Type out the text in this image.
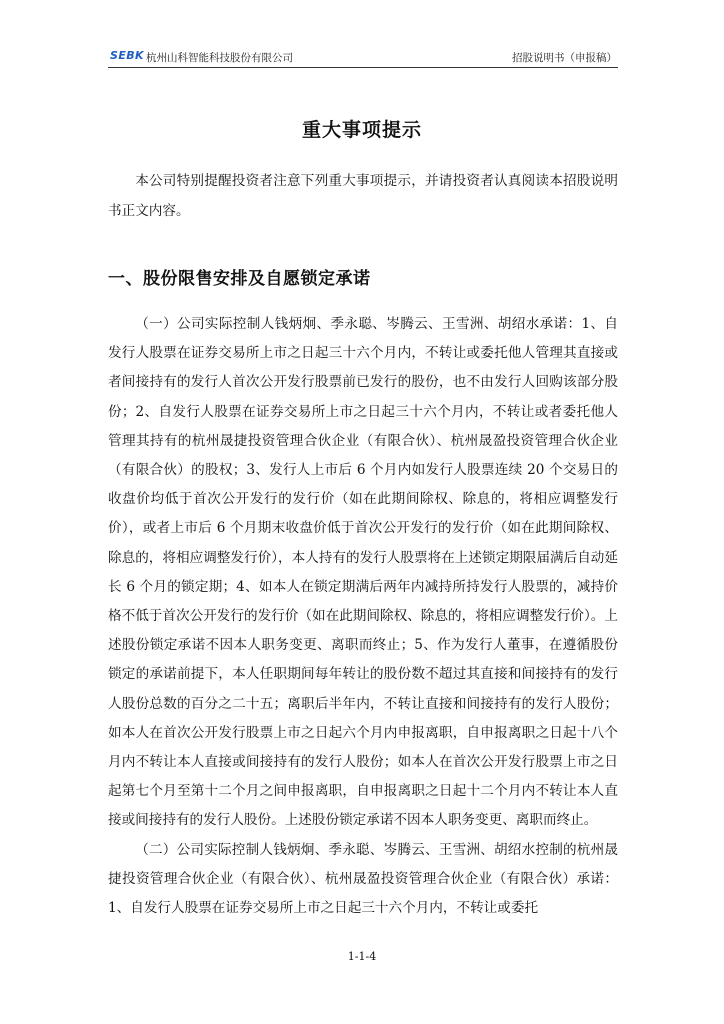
SEBK 杭州山科智能科技股份有限公司	招股说明书（申报稿）
重大事项提示

本公司特别提醒投资者注意下列重大事项提示，并请投资者认真阅读本招股说明书正文内容。

一、股份限售安排及自愿锁定承诺

（一）公司实际控制人钱炳炯、季永聪、岑腾云、王雪洲、胡绍水承诺：1、自发行人股票在证券交易所上市之日起三十六个月内，不转让或委托他人管理其直接或者间接持有的发行人首次公开发行股票前已发行的股份，也不由发行人回购该部分股份；2、自发行人股票在证券交易所上市之日起三十六个月内，不转让或者委托他人管理其持有的杭州晟捷投资管理合伙企业（有限合伙）、杭州晟盈投资管理合伙企业（有限合伙）的股权；3、发行人上市后 6 个月内如发行人股票连续 20 个交易日的收盘价均低于首次公开发行的发行价（如在此期间除权、除息的，将相应调整发行价），或者上市后 6 个月期末收盘价低于首次公开发行的发行价（如在此期间除权、除息的，将相应调整发行价），本人持有的发行人股票将在上述锁定期限届满后自动延长 6 个月的锁定期；4、如本人在锁定期满后两年内减持所持发行人股票的，减持价格不低于首次公开发行的发行价（如在此期间除权、除息的，将相应调整发行价）。上述股份锁定承诺不因本人职务变更、离职而终止；5、作为发行人董事，在遵循股份锁定的承诺前提下，本人任职期间每年转让的股份数不超过其直接和间接持有的发行人股份总数的百分之二十五；离职后半年内，不转让直接和间接持有的发行人股份；如本人在首次公开发行股票上市之日起六个月内申报离职，自申报离职之日起十八个月内不转让本人直接或间接持有的发行人股份；如本人在首次公开发行股票上市之日起第七个月至第十二个月之间申报离职，自申报离职之日起十二个月内不转让本人直接或间接持有的发行人股份。上述股份锁定承诺不因本人职务变更、离职而终止。

（二）公司实际控制人钱炳炯、季永聪、岑腾云、王雪洲、胡绍水控制的杭州晟捷投资管理合伙企业（有限合伙）、杭州晟盈投资管理合伙企业（有限合伙）承诺：1、自发行人股票在证券交易所上市之日起三十六个月内，不转让或委托

1-1-4
